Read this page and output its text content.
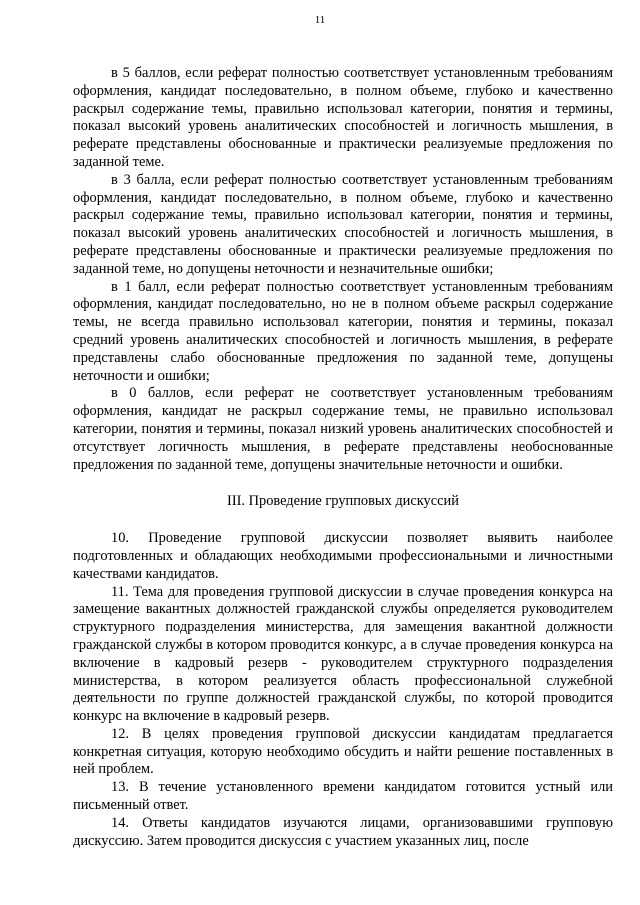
11

в 5 баллов, если реферат полностью соответствует установленным требованиям оформления, кандидат последовательно, в полном объеме, глубоко и качественно раскрыл содержание темы, правильно использовал категории, понятия и термины, показал высокий уровень аналитических способностей и логичность мышления, в реферате представлены обоснованные и практически реализуемые предложения по заданной теме.

в 3 балла, если реферат полностью соответствует установленным требованиям оформления, кандидат последовательно, в полном объеме, глубоко и качественно раскрыл содержание темы, правильно использовал категории, понятия и термины, показал высокий уровень аналитических способностей и логичность мышления, в реферате представлены обоснованные и практически реализуемые предложения по заданной теме, но допущены неточности и незначительные ошибки;

в 1 балл, если реферат полностью соответствует установленным требованиям оформления, кандидат последовательно, но не в полном объеме раскрыл содержание темы, не всегда правильно использовал категории, понятия и термины, показал средний уровень аналитических способностей и логичность мышления, в реферате представлены слабо обоснованные предложения по заданной теме, допущены неточности и ошибки;

в 0 баллов, если реферат не соответствует установленным требованиям оформления, кандидат не раскрыл содержание темы, не правильно использовал категории, понятия и термины, показал низкий уровень аналитических способностей и отсутствует логичность мышления, в реферате представлены необоснованные предложения по заданной теме, допущены значительные неточности и ошибки.

III. Проведение групповых дискуссий

10. Проведение групповой дискуссии позволяет выявить наиболее подготовленных и обладающих необходимыми профессиональными и личностными качествами кандидатов.

11. Тема для проведения групповой дискуссии в случае проведения конкурса на замещение вакантных должностей гражданской службы определяется руководителем структурного подразделения министерства, для замещения вакантной должности гражданской службы в котором проводится конкурс, а в случае проведения конкурса на включение в кадровый резерв - руководителем структурного подразделения министерства, в котором реализуется область профессиональной служебной деятельности по группе должностей гражданской службы, по которой проводится конкурс на включение в кадровый резерв.

12. В целях проведения групповой дискуссии кандидатам предлагается конкретная ситуация, которую необходимо обсудить и найти решение поставленных в ней проблем.

13. В течение установленного времени кандидатом готовится устный или письменный ответ.

14. Ответы кандидатов изучаются лицами, организовавшими групповую дискуссию. Затем проводится дискуссия с участием указанных лиц, после
